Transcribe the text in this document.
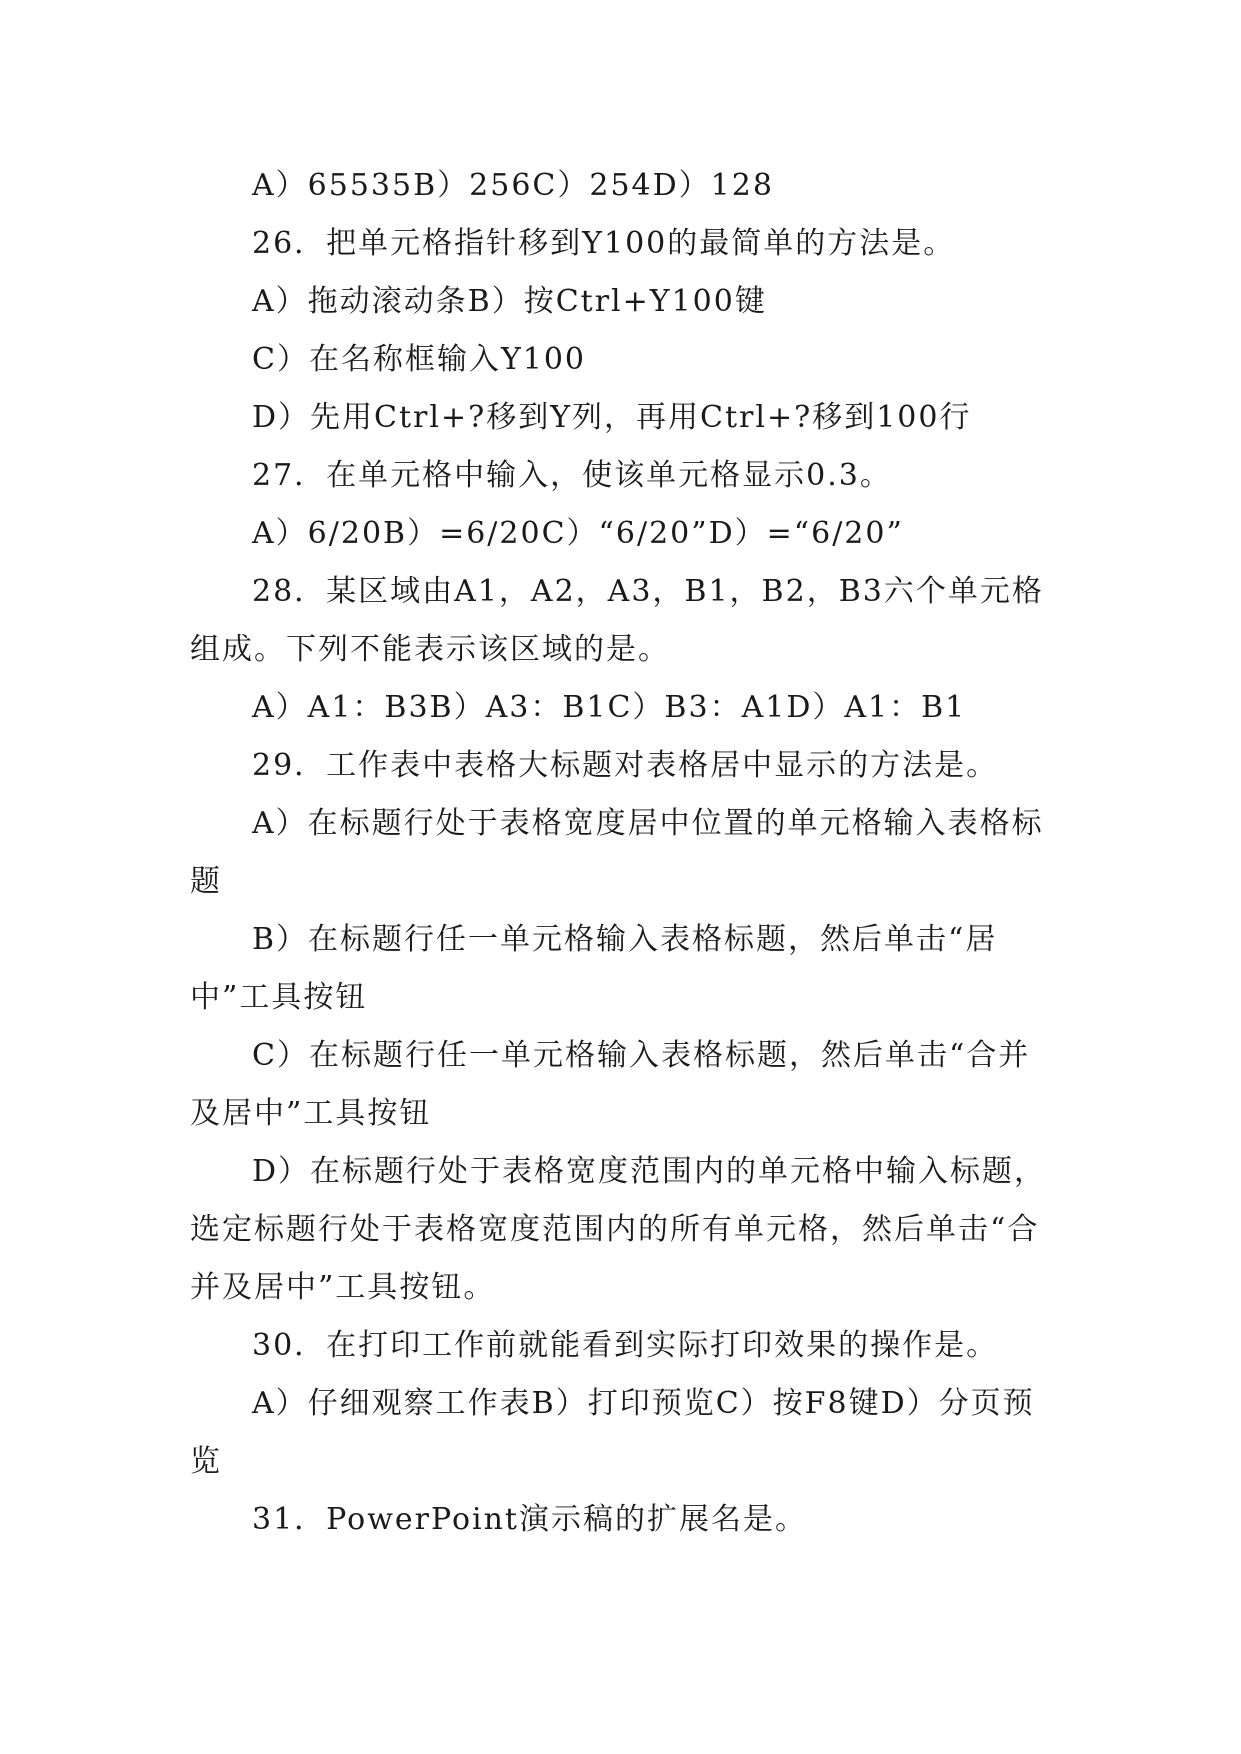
A）65535B）256C）254D）128

26．把单元格指针移到Y100的最简单的方法是。

A）拖动滚动条B）按Ctrl+Y100键

C）在名称框输入Y100

D）先用Ctrl+?移到Y列，再用Ctrl+?移到100行

27．在单元格中输入，使该单元格显示0.3。

A）6/20B）=6/20C）“6/20”D）=“6/20”

28．某区域由A1，A2，A3，B1，B2，B3六个单元格组成。下列不能表示该区域的是。

A）A1：B3B）A3：B1C）B3：A1D）A1：B1

29．工作表中表格大标题对表格居中显示的方法是。

A）在标题行处于表格宽度居中位置的单元格输入表格标题

B）在标题行任一单元格输入表格标题，然后单击“居中”工具按钮

C）在标题行任一单元格输入表格标题，然后单击“合并及居中”工具按钮

D）在标题行处于表格宽度范围内的单元格中输入标题，选定标题行处于表格宽度范围内的所有单元格，然后单击“合并及居中”工具按钮。

30．在打印工作前就能看到实际打印效果的操作是。

A）仔细观察工作表B）打印预览C）按F8键D）分页预览

31．PowerPoint演示稿的扩展名是。
